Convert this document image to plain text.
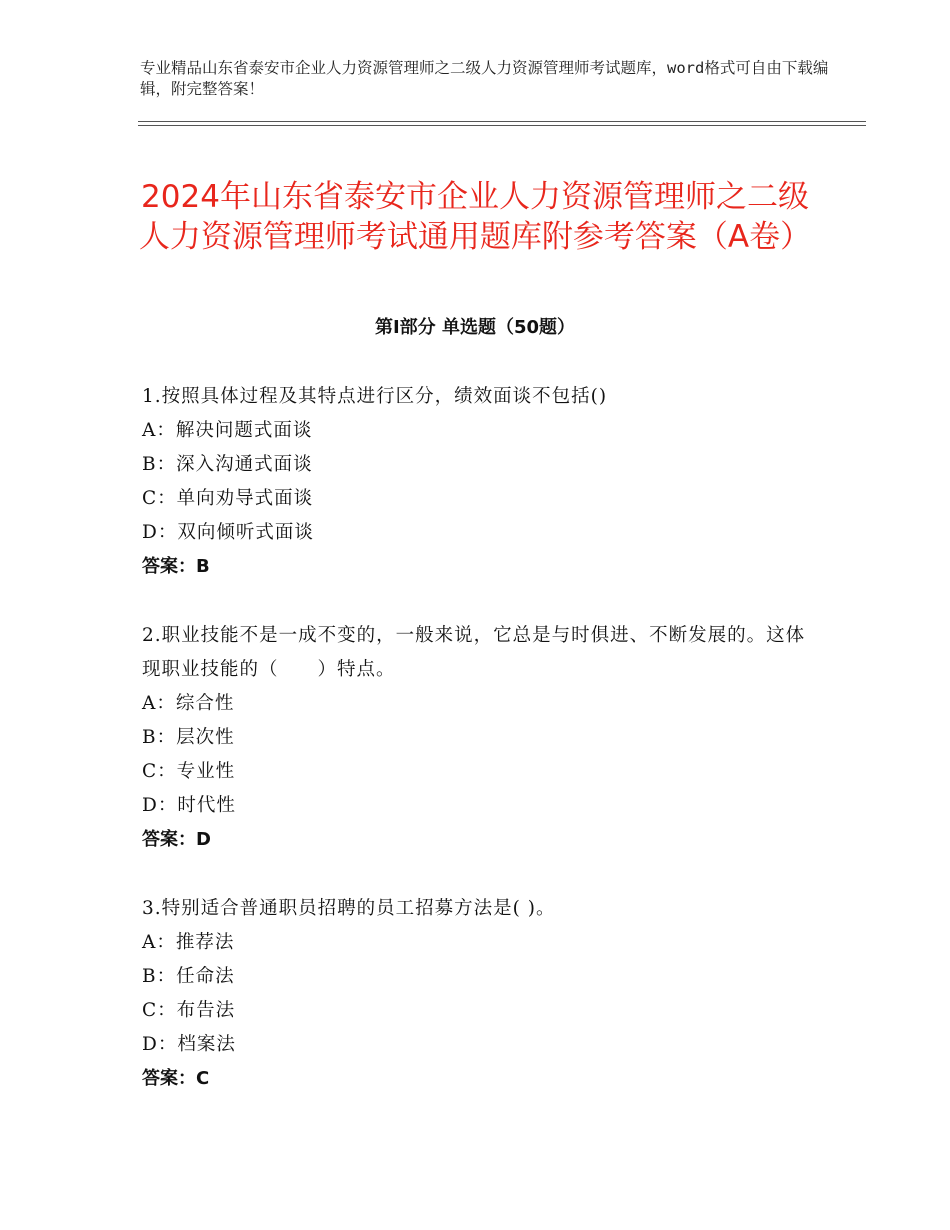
专业精品山东省泰安市企业人力资源管理师之二级人力资源管理师考试题库，word格式可自由下载编辑，附完整答案！
2024年山东省泰安市企业人力资源管理师之二级人力资源管理师考试通用题库附参考答案（A卷）
第Ⅰ部分 单选题（50题）
1.按照具体过程及其特点进行区分，绩效面谈不包括()
A：解决问题式面谈
B：深入沟通式面谈
C：单向劝导式面谈
D：双向倾听式面谈
答案：B
2.职业技能不是一成不变的，一般来说，它总是与时俱进、不断发展的。这体现职业技能的（　　）特点。
A：综合性
B：层次性
C：专业性
D：时代性
答案：D
3.特别适合普通职员招聘的员工招募方法是( )。
A：推荐法
B：任命法
C：布告法
D：档案法
答案：C
